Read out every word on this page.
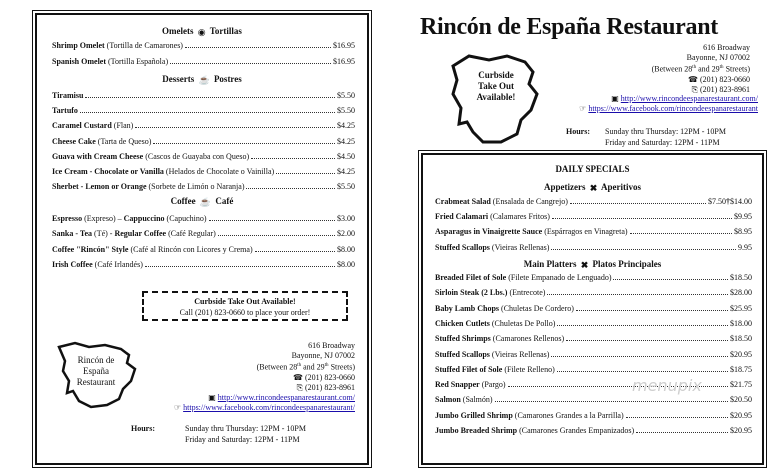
Omelets ◉ Tortillas
Desserts ☕ Postres
Coffee ☕ Café
Curbside Take Out Available!
Call (201) 823-0660 to place your order!
Rincón de
España
Restaurant
616 Broadway
Bayonne, NJ 07002
(Between 28th and 29th Streets)
☎ (201) 823-0660
⎘ (201) 823-8961
▣ http://www.rincondeespanarestaurant.com/
☞ https://www.facebook.com/rincondeespanarestaurant/
Hours:	Sunday thru Thursday: 12PM - 10PM
Friday and Saturday: 12PM - 11PM
Shrimp Omelet (Tortilla de Camarones)	$16.95
Spanish Omelet (Tortilla Española)	$16.95
Tiramisu	$5.50
Tartufo	$5.50
Caramel Custard (Flan)	$4.25
Cheese Cake (Tarta de Queso)	$4.25
Guava with Cream Cheese (Cascos de Guayaba con Queso)	$4.50
Ice Cream - Chocolate or Vanilla (Helados de Chocolate o Vainilla)	$4.25
Sherbet - Lemon or Orange (Sorbete de Limón o Naranja)	$5.50
Espresso (Expreso) – Cappuccino (Capuchino)	$3.00
Sanka - Tea (Té) - Regular Coffee (Café Regular)	$2.00
Coffee "Rincón" Style (Café al Rincón con Licores y Crema)	$8.00
Irish Coffee (Café Irlandés)	$8.00
Rincón de España Restaurant
Curbside
Take Out
Available!
616 Broadway
Bayonne, NJ 07002
(Between 28th and 29th Streets)
☎ (201) 823-0660
⎘ (201) 823-8961
▣ http://www.rincondeespanarestaurant.com/
☞ https://www.facebook.com/rincondeespanarestaurant
Hours: Sunday thru Thursday: 12PM - 10PM
Friday and Saturday: 12PM - 11PM
DAILY SPECIALS
Appetizers ✖ Aperitivos
Main Platters ✖ Platos Principales
Crabmeat Salad (Ensalada de Cangrejo)	$7.50 † $14.00
Fried Calamari (Calamares Fritos)	$9.95
Asparagus in Vinaigrette Sauce (Espárragos en Vinagreta)	$8.95
Stuffed Scallops (Vieiras Rellenas)	9.95
Breaded Filet of Sole (Filete Empanado de Lenguado)	$18.50
Sirloin Steak (2 Lbs.) (Entrecote)	$28.00
Baby Lamb Chops (Chuletas De Cordero)	$25.95
Chicken Cutlets (Chuletas De Pollo)	$18.00
Stuffed Shrimps (Camarones Rellenos)	$18.50
Stuffed Scallops (Vieiras Rellenas)	$20.95
Stuffed Filet of Sole (Filete Relleno)	$18.75
Red Snapper (Pargo)	$21.75
Salmon (Salmón)	$20.50
Jumbo Grilled Shrimp (Camarones Grandes a la Parrilla)	$20.95
Jumbo Breaded Shrimp (Camarones Grandes Empanizados)	$20.95
menupix
